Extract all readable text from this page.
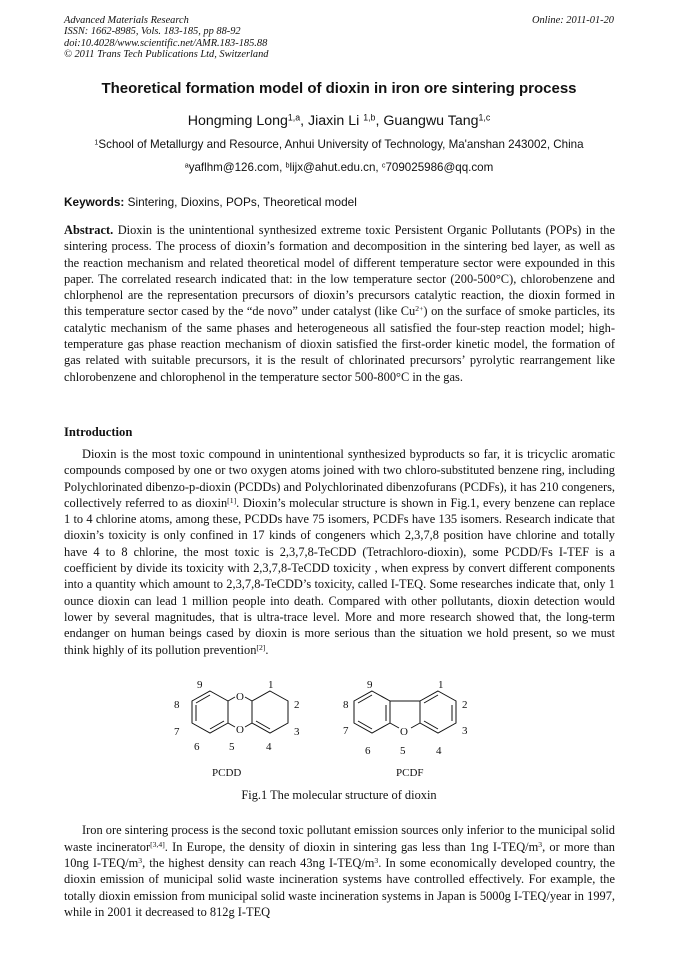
Advanced Materials Research
ISSN: 1662-8985, Vols. 183-185, pp 88-92
doi:10.4028/www.scientific.net/AMR.183-185.88
© 2011 Trans Tech Publications Ltd, Switzerland
Online: 2011-01-20
Theoretical formation model of dioxin in iron ore sintering process
Hongming Long$^{1,a}$, Jiaxin Li $^{1,b}$, Guangwu Tang$^{1,c}$
$^1$School of Metallurgy and Resource, Anhui University of Technology, Ma'anshan 243002, China
$^a$yaflhm@126.com, $^b$lijx@ahut.edu.cn, $^c$709025986@qq.com
Keywords: Sintering, Dioxins, POPs, Theoretical model

Abstract. Dioxin is the unintentional synthesized extreme toxic Persistent Organic Pollutants (POPs) in the sintering process. The process of dioxin’s formation and decomposition in the sintering bed layer, as well as the reaction mechanism and related theoretical model of different temperature sector were expounded in this paper. The correlated research indicated that: in the low temperature sector (200-500°C), chlorobenzene and chlorphenol are the representation precursors of dioxin’s precursors catalytic reaction, the dioxin formed in this temperature sector cased by the “de novo” under catalyst (like $Cu^{2+}$) on the surface of smoke particles, its catalytic mechanism of the same phases and heterogeneous all satisfied the four-step reaction model; high-temperature gas phase reaction mechanism of dioxin satisfied the first-order kinetic model, the formation of gas related with suitable precursors, it is the result of chlorinated precursors’ pyrolytic rearrangement like chlorobenzene and chlorophenol in the temperature sector 500-800°C in the gas.

Introduction

Dioxin is the most toxic compound in unintentional synthesized byproducts so far, it is tricyclic aromatic compounds composed by one or two oxygen atoms joined with two chloro-substituted benzene ring, including Polychlorinated dibenzo-p-dioxin (PCDDs) and Polychlorinated dibenzofurans (PCDFs), it has 210 congeners, collectively referred to as dioxin[1]. Dioxin’s molecular structure is shown in Fig.1, every benzene can replace 1 to 4 chlorine atoms, among these, PCDDs have 75 isomers, PCDFs have 135 isomers. Research indicate that dioxin’s toxicity is only confined in 17 kinds of congeners which 2,3,7,8 position have chlorine and totally have 4 to 8 chlorine, the most toxic is 2,3,7,8-TeCDD (Tetrachloro-dioxin), some PCDD/Fs I-TEF is a coefficient by divide its toxicity with 2,3,7,8-TeCDD toxicity , when express by convert different components into a quantity which amount to 2,3,7,8-TeCDD’s toxicity, called I-TEQ. Some researches indicate that, only 1 ounce dioxin can lead 1 million people into death. Compared with other pollutants, dioxin detection would lower by several magnitudes, that is ultra-trace level. More and more research showed that, the long-term endanger on human beings cased by dioxin is more serious than the situation we hold present, so we must think highly of its pollution prevention[2].

O
O
9	1
8	2
7	3
6	5	4
PCDD
O
9	1
8	2
7	3
6	5	4
PCDF
Fig.1 The molecular structure of dioxin

Iron ore sintering process is the second toxic pollutant emission sources only inferior to the municipal solid waste incinerator[3,4]. In Europe, the density of dioxin in sintering gas less than 1ng $I-TEQ/m^3$, or more than 10ng $I-TEQ/m^3$, the highest density can reach 43ng $I-TEQ/m^3$. In some economically developed country, the dioxin emission of municipal solid waste incineration systems have controlled effectively. For example, the totally dioxin emission from municipal solid waste incineration systems in Japan is 5000g I-TEQ/year in 1997, while in 2001 it decreased to 812g I-TEQ
